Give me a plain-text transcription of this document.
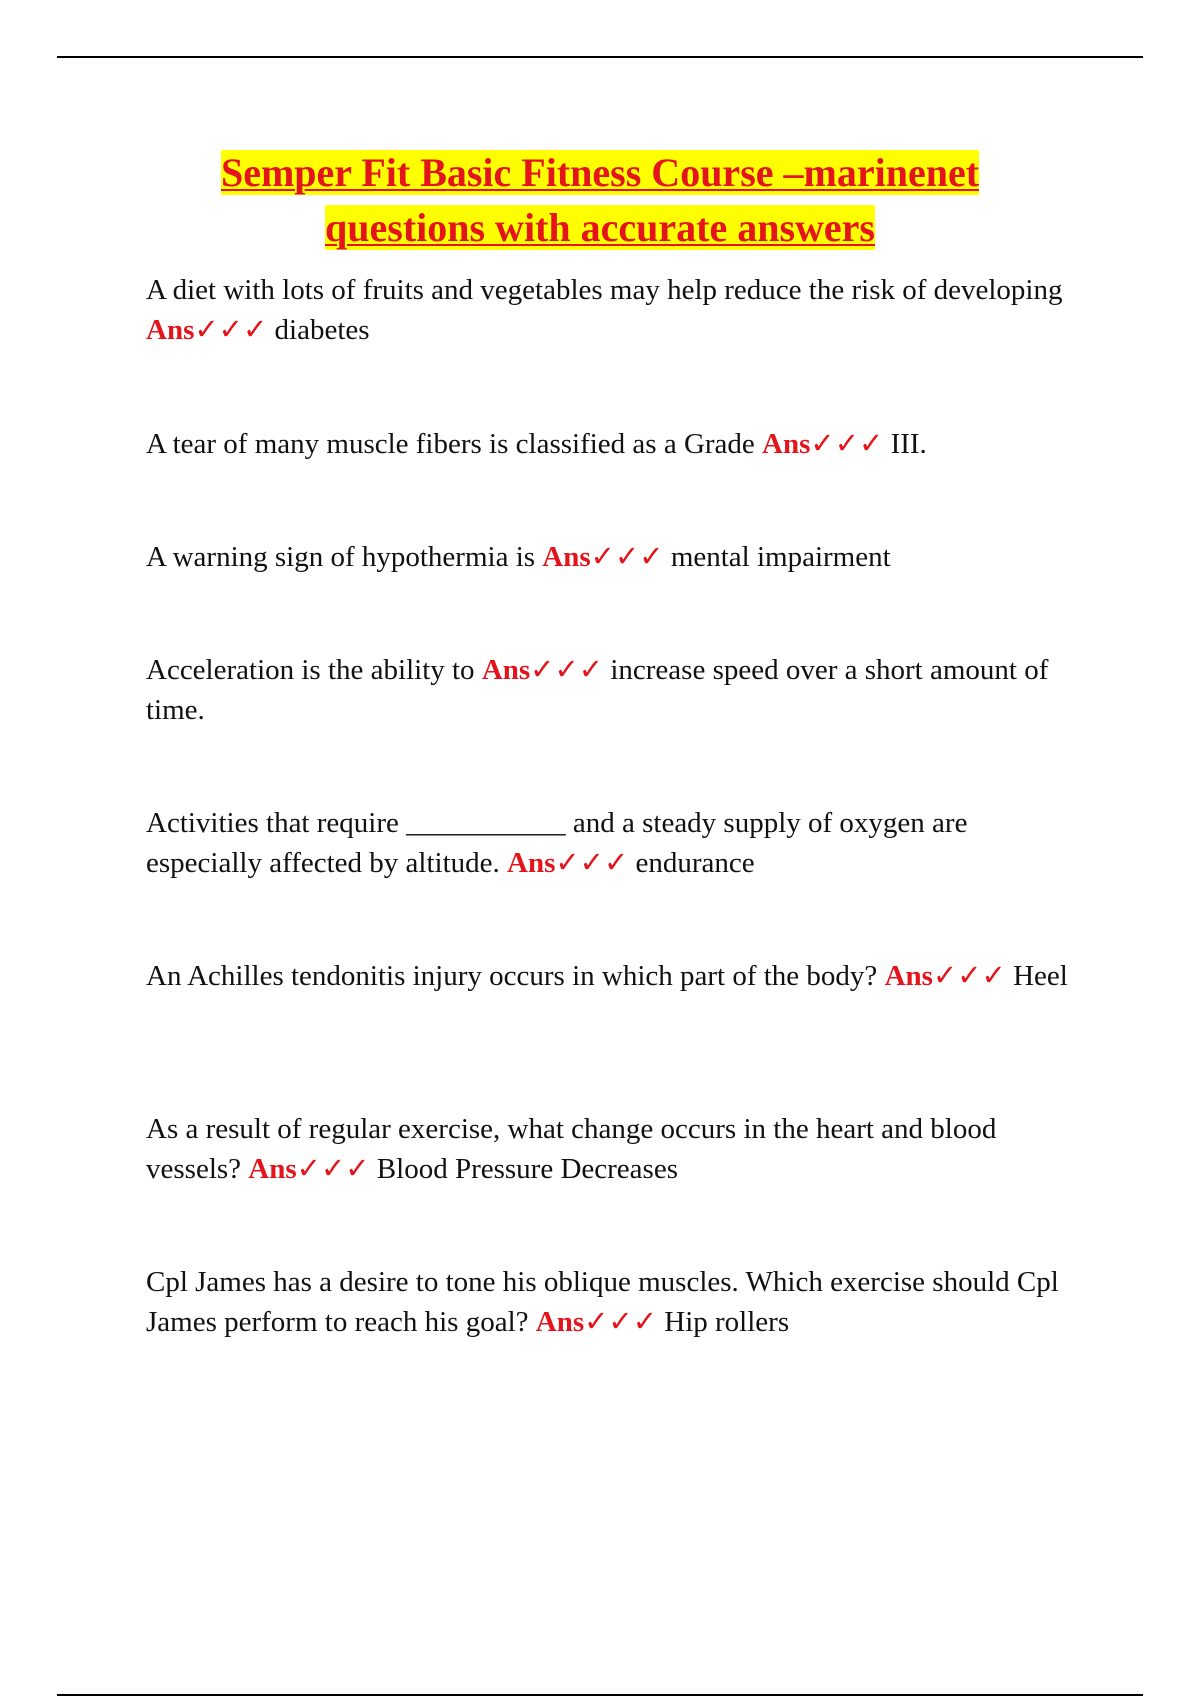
Semper Fit Basic Fitness Course –marinenet
questions with accurate answers
A diet with lots of fruits and vegetables may help reduce the risk of developing Ans✓✓✓ diabetes
A tear of many muscle fibers is classified as a Grade Ans✓✓✓ III.
A warning sign of hypothermia is Ans✓✓✓ mental impairment
Acceleration is the ability to Ans✓✓✓ increase speed over a short amount of time.
Activities that require ___________ and a steady supply of oxygen are especially affected by altitude. Ans✓✓✓ endurance
An Achilles tendonitis injury occurs in which part of the body? Ans✓✓✓ Heel
As a result of regular exercise, what change occurs in the heart and blood vessels? Ans✓✓✓ Blood Pressure Decreases
Cpl James has a desire to tone his oblique muscles. Which exercise should Cpl James perform to reach his goal? Ans✓✓✓ Hip rollers
